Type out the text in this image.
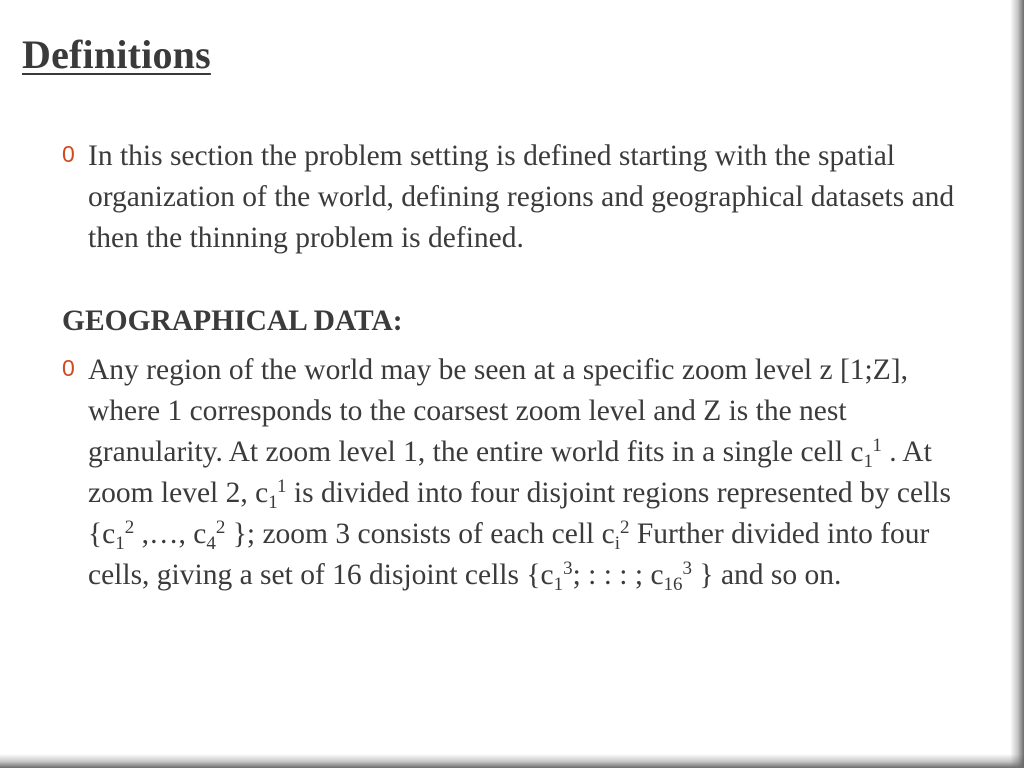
Definitions
0 In this section the problem setting is defined starting with the spatial organization of the world, defining regions and geographical datasets and then the thinning problem is defined.
GEOGRAPHICAL DATA:
0 Any region of the world may be seen at a specific zoom level z [1;Z], where 1 corresponds to the coarsest zoom level and Z is the nest granularity. At zoom level 1, the entire world fits in a single cell $c_1^1$ . At zoom level 2, $c_1^1$ is divided into four disjoint regions represented by cells {$c_1^2$ ,…, $c_4^2$ }; zoom 3 consists of each cell $c_i^2$ Further divided into four cells, giving a set of 16 disjoint cells {$c_1^3$; : : : ; $c_{16}^3$ } and so on.
